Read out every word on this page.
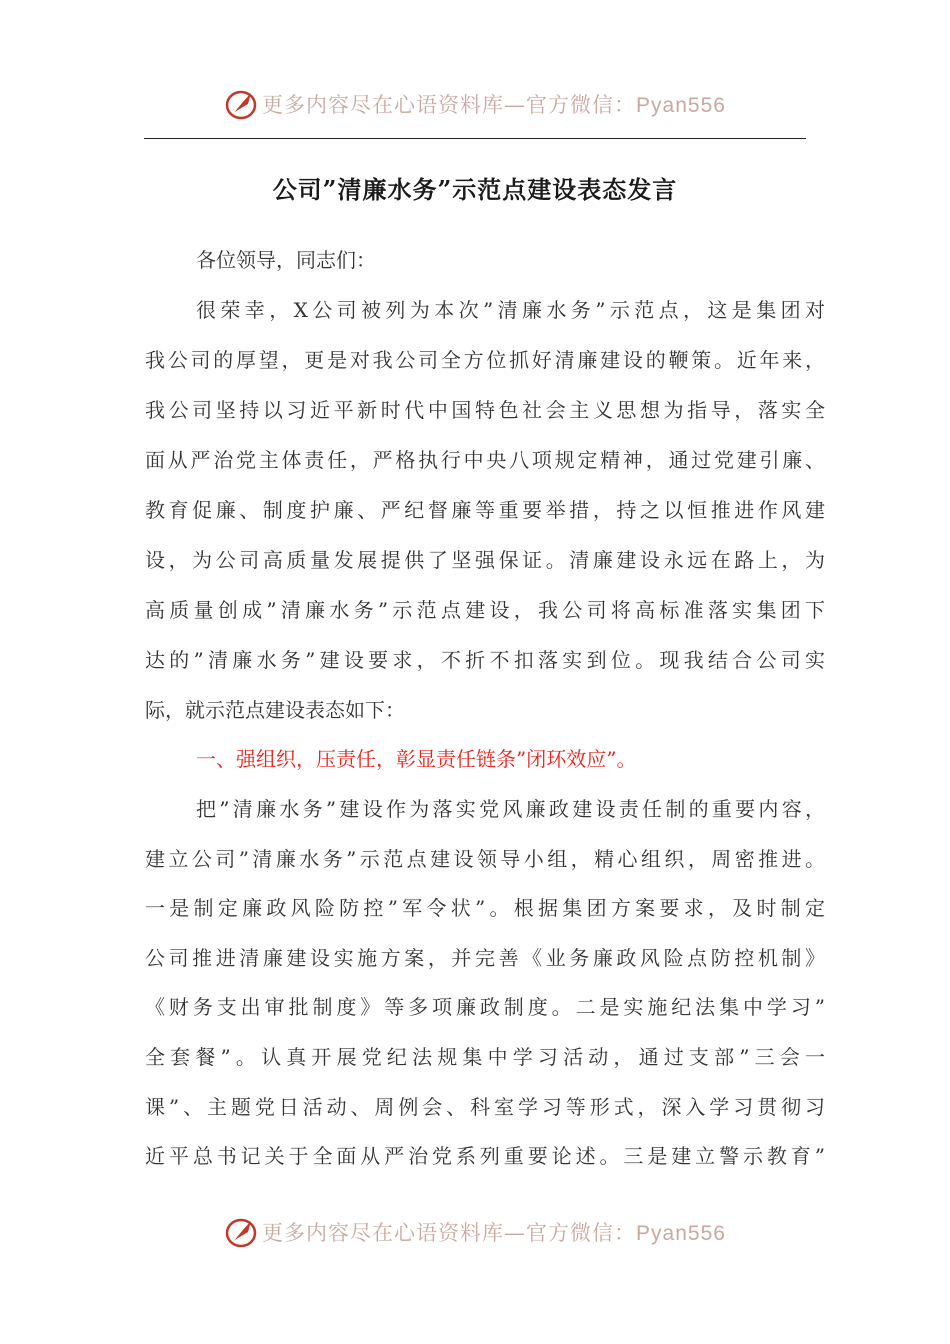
更多内容尽在心语资料库—官方微信：Pyan556
公司”清廉水务”示范点建设表态发言
各位领导，同志们：
很荣幸，X公司被列为本次”清廉水务”示范点，这是集团对
我公司的厚望，更是对我公司全方位抓好清廉建设的鞭策。近年来，
我公司坚持以习近平新时代中国特色社会主义思想为指导，落实全
面从严治党主体责任，严格执行中央八项规定精神，通过党建引廉、
教育促廉、制度护廉、严纪督廉等重要举措，持之以恒推进作风建
设，为公司高质量发展提供了坚强保证。清廉建设永远在路上，为
高质量创成”清廉水务”示范点建设，我公司将高标准落实集团下
达的”清廉水务”建设要求，不折不扣落实到位。现我结合公司实
际，就示范点建设表态如下：
一、强组织，压责任，彰显责任链条”闭环效应”。
把”清廉水务”建设作为落实党风廉政建设责任制的重要内容，
建立公司”清廉水务”示范点建设领导小组，精心组织，周密推进。
一是制定廉政风险防控”军令状”。根据集团方案要求，及时制定
公司推进清廉建设实施方案，并完善《业务廉政风险点防控机制》
《财务支出审批制度》等多项廉政制度。二是实施纪法集中学习”
全套餐”。认真开展党纪法规集中学习活动，通过支部”三会一
课”、主题党日活动、周例会、科室学习等形式，深入学习贯彻习
近平总书记关于全面从严治党系列重要论述。三是建立警示教育”
更多内容尽在心语资料库—官方微信：Pyan556
